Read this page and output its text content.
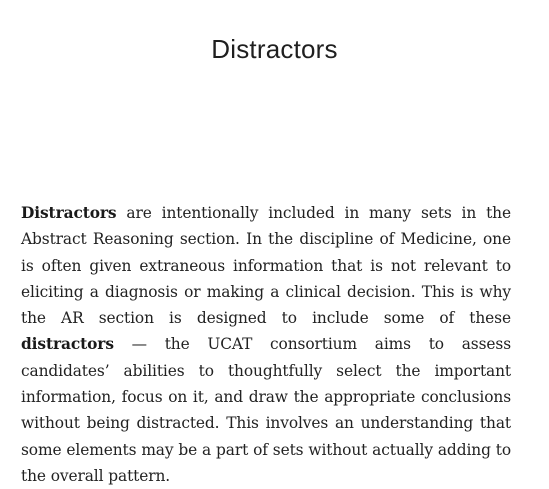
Distractors

Distractors are intentionally included in many sets in the Abstract Reasoning section. In the discipline of Medicine, one is often given extraneous information that is not relevant to eliciting a diagnosis or making a clinical decision. This is why the AR section is designed to include some of these distractors — the UCAT consortium aims to assess candidates’ abilities to thoughtfully select the important information, focus on it, and draw the appropriate conclusions without being distracted. This involves an understanding that some elements may be a part of sets without actually adding to the overall pattern.
